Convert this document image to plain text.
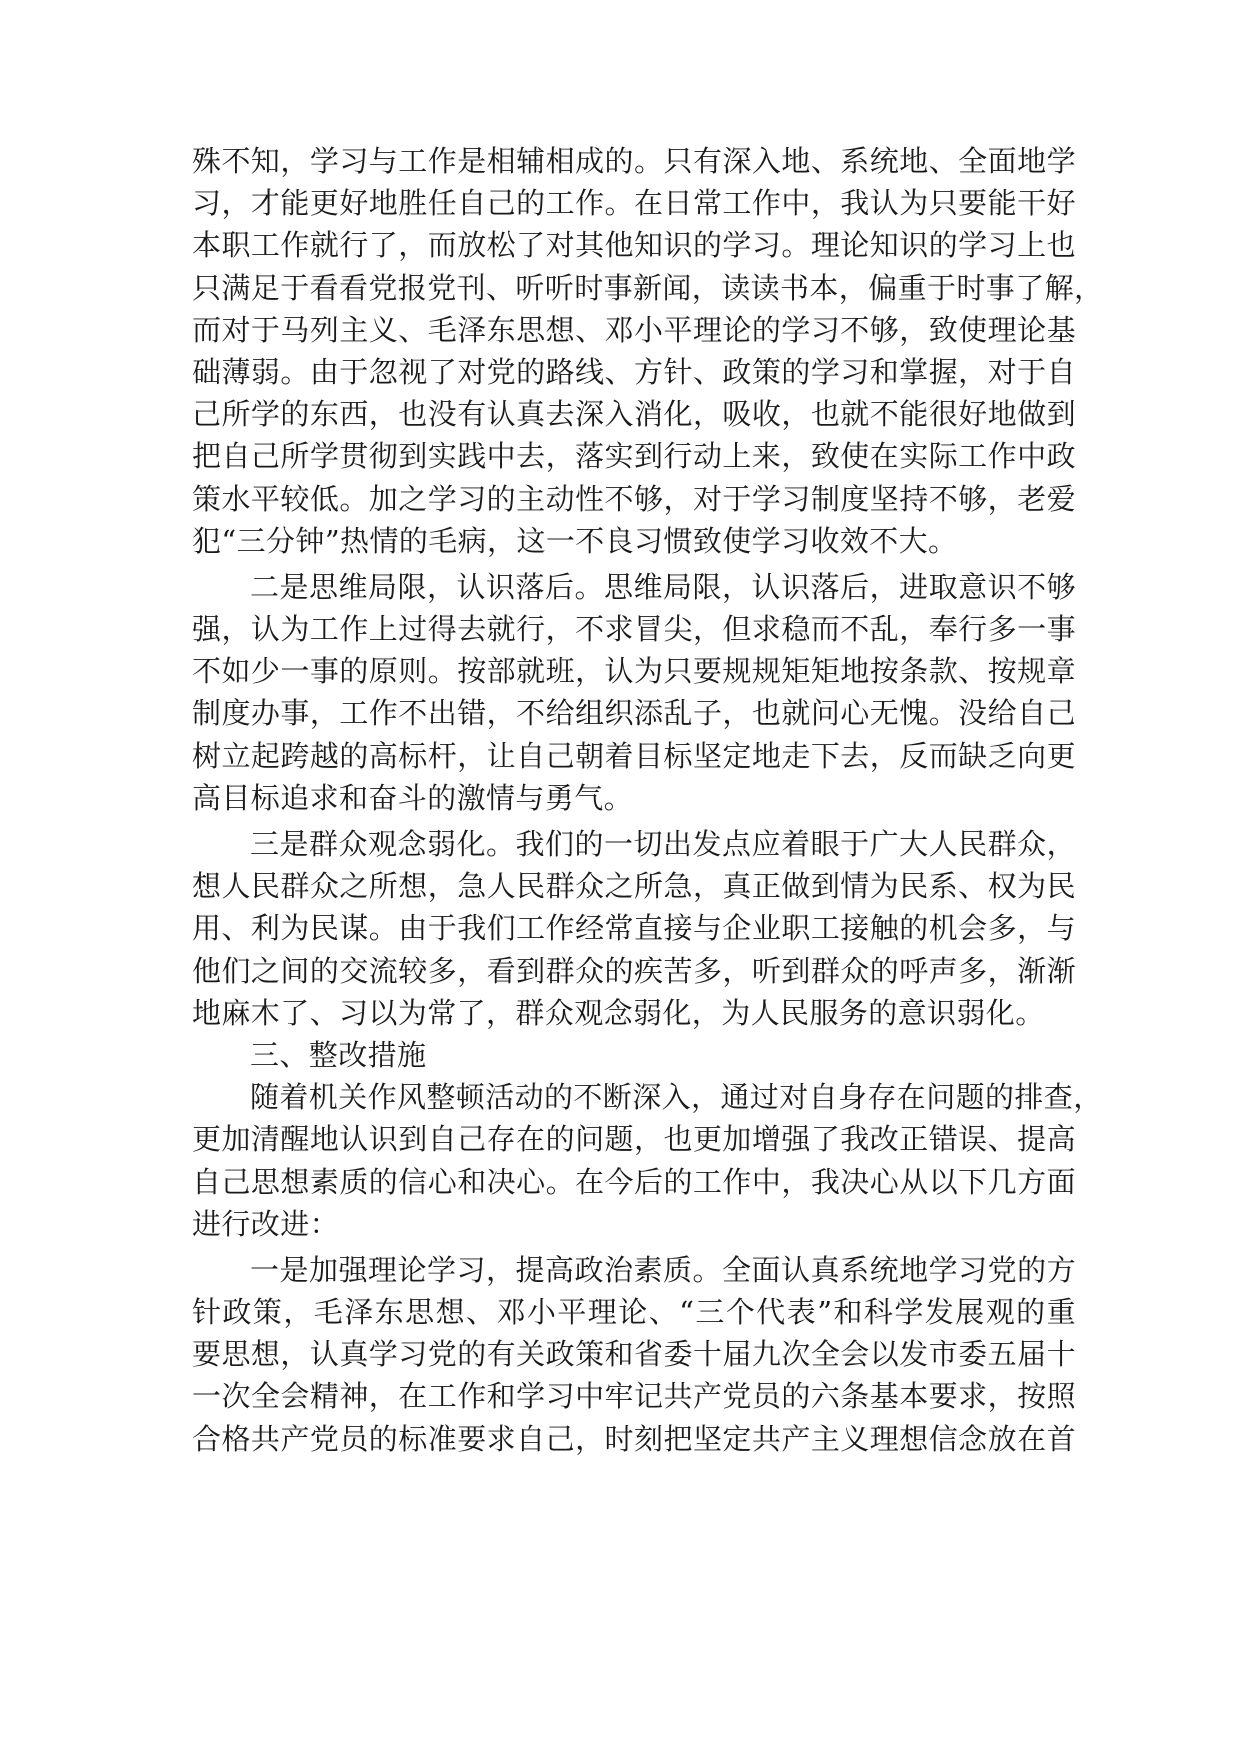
殊不知，学习与工作是相辅相成的。只有深入地、系统地、全面地学
习，才能更好地胜任自己的工作。在日常工作中，我认为只要能干好
本职工作就行了，而放松了对其他知识的学习。理论知识的学习上也
只满足于看看党报党刊、听听时事新闻，读读书本，偏重于时事了解，
而对于马列主义、毛泽东思想、邓小平理论的学习不够，致使理论基
础薄弱。由于忽视了对党的路线、方针、政策的学习和掌握，对于自
己所学的东西，也没有认真去深入消化，吸收，也就不能很好地做到
把自己所学贯彻到实践中去，落实到行动上来，致使在实际工作中政
策水平较低。加之学习的主动性不够，对于学习制度坚持不够，老爱
犯“三分钟”热情的毛病，这一不良习惯致使学习收效不大。
二是思维局限，认识落后。思维局限，认识落后，进取意识不够
强，认为工作上过得去就行，不求冒尖，但求稳而不乱，奉行多一事
不如少一事的原则。按部就班，认为只要规规矩矩地按条款、按规章
制度办事，工作不出错，不给组织添乱子，也就问心无愧。没给自己
树立起跨越的高标杆，让自己朝着目标坚定地走下去，反而缺乏向更
高目标追求和奋斗的激情与勇气。
三是群众观念弱化。我们的一切出发点应着眼于广大人民群众，
想人民群众之所想，急人民群众之所急，真正做到情为民系、权为民
用、利为民谋。由于我们工作经常直接与企业职工接触的机会多，与
他们之间的交流较多，看到群众的疾苦多，听到群众的呼声多，渐渐
地麻木了、习以为常了，群众观念弱化，为人民服务的意识弱化。
三、整改措施
随着机关作风整顿活动的不断深入，通过对自身存在问题的排查，
更加清醒地认识到自己存在的问题，也更加增强了我改正错误、提高
自己思想素质的信心和决心。在今后的工作中，我决心从以下几方面
进行改进：
一是加强理论学习，提高政治素质。全面认真系统地学习党的方
针政策，毛泽东思想、邓小平理论、“三个代表”和科学发展观的重
要思想，认真学习党的有关政策和省委十届九次全会以发市委五届十
一次全会精神，在工作和学习中牢记共产党员的六条基本要求，按照
合格共产党员的标准要求自己，时刻把坚定共产主义理想信念放在首
